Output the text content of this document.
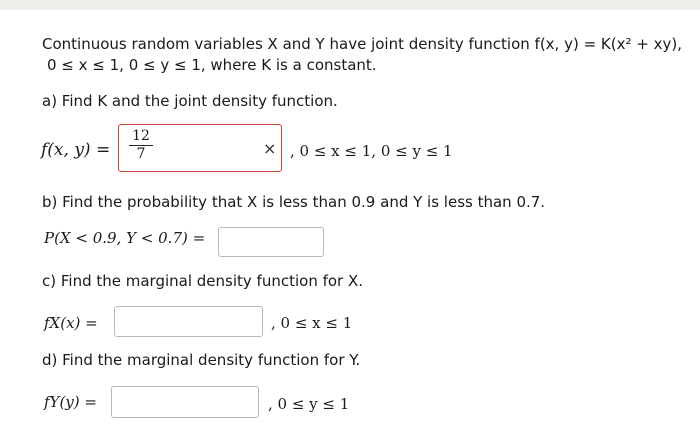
Continuous random variables X and Y have joint density function f(x, y) = K(x² + xy),
0 ≤ x ≤ 1, 0 ≤ y ≤ 1, where K is a constant.
a) Find K and the joint density function.
f(x, y) =
12
7	× , 0 ≤ x ≤ 1, 0 ≤ y ≤ 1
b) Find the probability that X is less than 0.9 and Y is less than 0.7.
P(X < 0.9, Y < 0.7) =
c) Find the marginal density function for X.
fX(x) =	, 0 ≤ x ≤ 1
d) Find the marginal density function for Y.
fY(y) =	, 0 ≤ y ≤ 1
